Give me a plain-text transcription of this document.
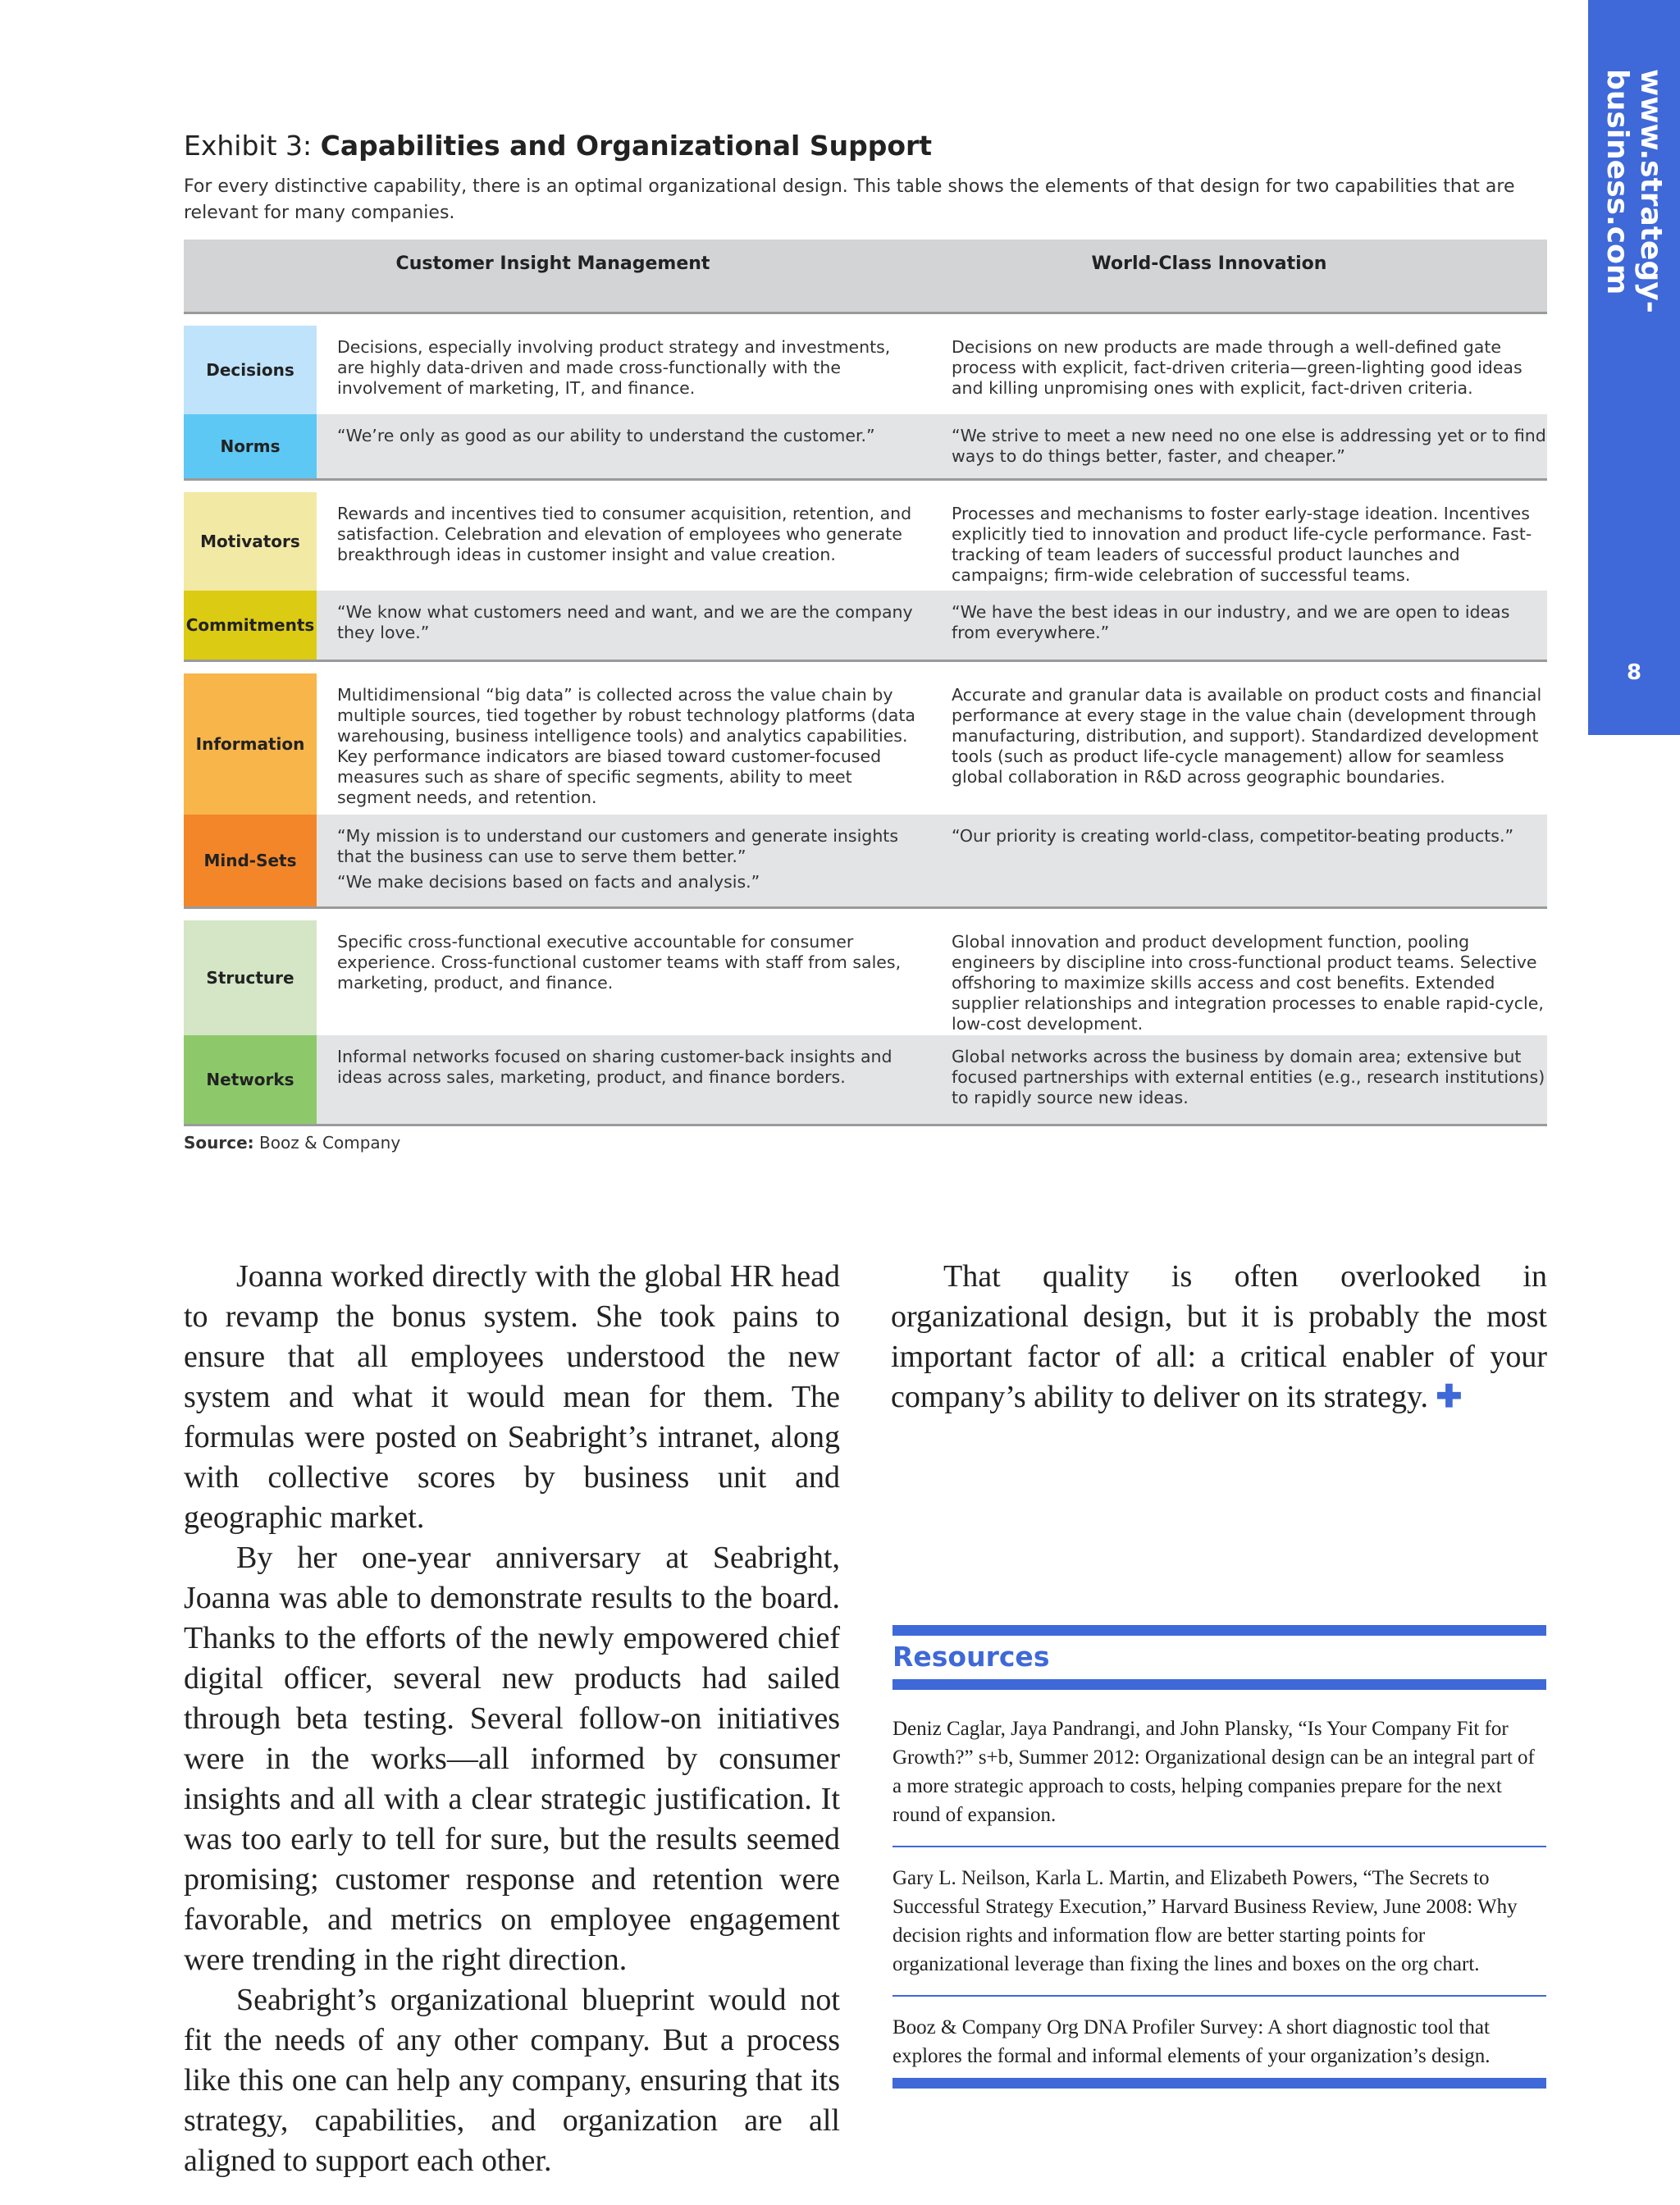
www.strategy-business.com
8
Exhibit 3: Capabilities and Organizational Support
For every distinctive capability, there is an optimal organizational design. This table shows the elements of that design for two capabilities that are relevant for many companies.
Customer Insight Management	World-Class Innovation
Decisions
Decisions, especially involving product strategy and investments, are highly data-driven and made cross-functionally with the involvement of marketing, IT, and finance.
Decisions on new products are made through a well-defined gate process with explicit, fact-driven criteria—green-lighting good ideas and killing unpromising ones with explicit, fact-driven criteria.
Norms
“We’re only as good as our ability to understand the customer.”	“We strive to meet a new need no one else is addressing yet or to find ways to do things better, faster, and cheaper.”
Motivators
Rewards and incentives tied to consumer acquisition, retention, and satisfaction. Celebration and elevation of employees who generate breakthrough ideas in customer insight and value creation.
Processes and mechanisms to foster early-stage ideation. Incentives explicitly tied to innovation and product life-cycle performance. Fast-tracking of team leaders of successful product launches and campaigns; firm-wide celebration of successful teams.
Commitments
“We know what customers need and want, and we are the company they love.”
“We have the best ideas in our industry, and we are open to ideas from everywhere.”
Information
Multidimensional “big data” is collected across the value chain by multiple sources, tied together by robust technology platforms (data warehousing, business intelligence tools) and analytics capabilities. Key performance indicators are biased toward customer-focused measures such as share of specific segments, ability to meet segment needs, and retention.
Accurate and granular data is available on product costs and financial performance at every stage in the value chain (development through manufacturing, distribution, and support). Standardized development tools (such as product life-cycle management) allow for seamless global collaboration in R&D across geographic boundaries.
Mind-Sets

“My mission is to understand our customers and generate insights that the business can use to serve them better.”

“We make decisions based on facts and analysis.”

“Our priority is creating world-class, competitor-beating products.”
Structure
Specific cross-functional executive accountable for consumer experience. Cross-functional customer teams with staff from sales, marketing, product, and finance.
Global innovation and product development function, pooling engineers by discipline into cross-functional product teams. Selective offshoring to maximize skills access and cost benefits. Extended supplier relationships and integration processes to enable rapid-cycle, low-cost development.
Networks
Informal networks focused on sharing customer-back insights and ideas across sales, marketing, product, and finance borders.
Global networks across the business by domain area; extensive but focused partnerships with external entities (e.g., research institutions) to rapidly source new ideas.
Source: Booz & Company

Joanna worked directly with the global HR head to revamp the bonus system. She took pains to ensure that all employees understood the new system and what it would mean for them. The formulas were posted on Seabright’s intranet, along with collective scores by business unit and geographic market.

By her one-year anniversary at Seabright, Joanna was able to demonstrate results to the board. Thanks to the efforts of the newly empowered chief digital officer, several new products had sailed through beta testing. Several follow-on initiatives were in the works—all informed by consumer insights and all with a clear strategic justification. It was too early to tell for sure, but the results seemed promising; customer response and retention were favorable, and metrics on employee engagement were trending in the right direction.

Seabright’s organizational blueprint would not fit the needs of any other company. But a process like this one can help any company, ensuring that its strategy, capabilities, and organization are all aligned to support each other.

That quality is often overlooked in organizational design, but it is probably the most important factor of all: a critical enabler of your company’s ability to deliver on its strategy. ✚

Resources
Deniz Caglar, Jaya Pandrangi, and John Plansky, “Is Your Company Fit for Growth?” s+b, Summer 2012: Organizational design can be an integral part of a more strategic approach to costs, helping companies prepare for the next round of expansion.
Gary L. Neilson, Karla L. Martin, and Elizabeth Powers, “The Secrets to Successful Strategy Execution,” Harvard Business Review, June 2008: Why decision rights and information flow are better starting points for organizational leverage than fixing the lines and boxes on the org chart.
Booz & Company Org DNA Profiler Survey: A short diagnostic tool that explores the formal and informal elements of your organization’s design.
